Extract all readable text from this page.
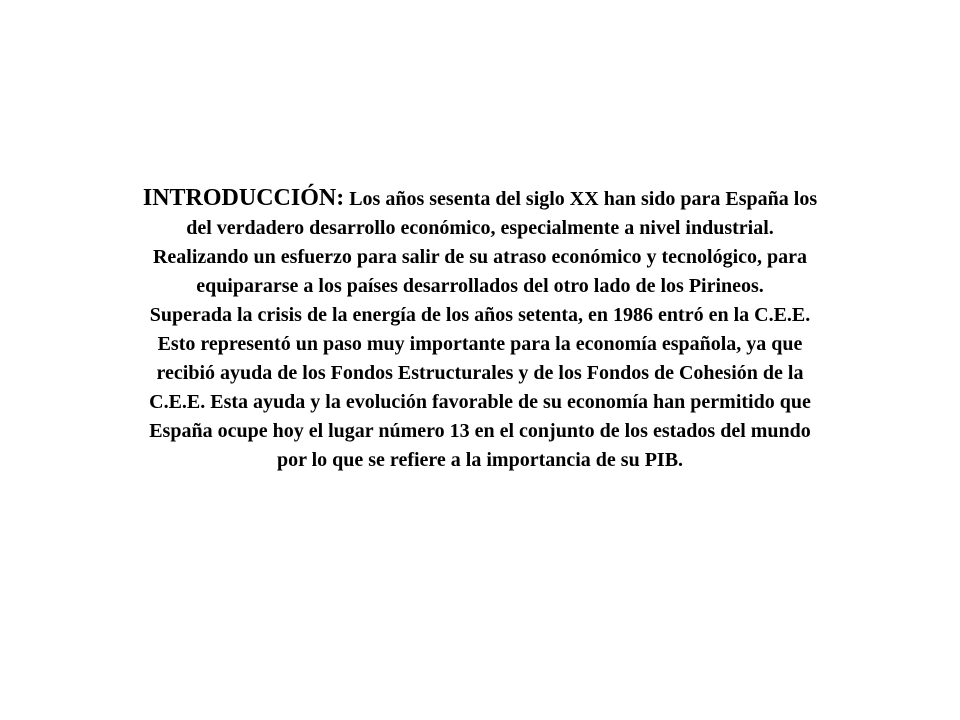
INTRODUCCIÓN: Los años sesenta del siglo XX han sido para España los
del verdadero desarrollo económico, especialmente a nivel industrial.
Realizando un esfuerzo para salir de su atraso económico y tecnológico, para
equipararse a los países desarrollados del otro lado de los Pirineos.
Superada la crisis de la energía de los años setenta, en 1986 entró en la C.E.E.
Esto representó un paso muy importante para la economía española, ya que
recibió ayuda de los Fondos Estructurales y de los Fondos de Cohesión de la
C.E.E. Esta ayuda y la evolución favorable de su economía han permitido que
España ocupe hoy el lugar número 13 en el conjunto de los estados del mundo
por lo que se refiere a la importancia de su PIB.
